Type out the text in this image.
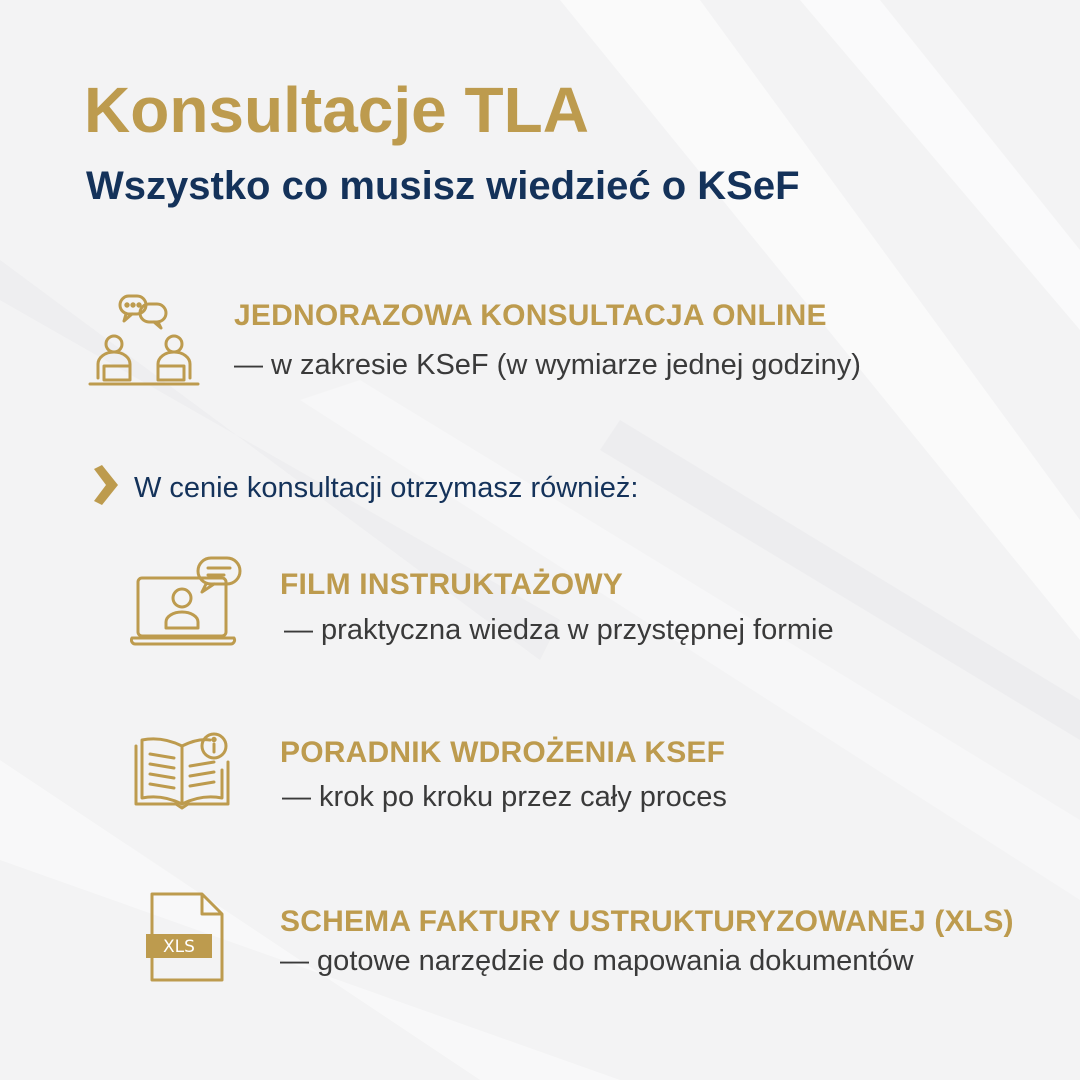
Konsultacje TLA
Wszystko co musisz wiedzieć o KSeF

JEDNORAZOWA KONSULTACJA ONLINE

— w zakresie KSeF (w wymiarze jednej godziny)

W cenie konsultacji otrzymasz również:

FILM INSTRUKTAŻOWY

— praktyczna wiedza w przystępnej formie

PORADNIK WDROŻENIA KSEF

— krok po kroku przez cały proces

XLS

SCHEMA FAKTURY USTRUKTURYZOWANEJ (XLS)

— gotowe narzędzie do mapowania dokumentów
